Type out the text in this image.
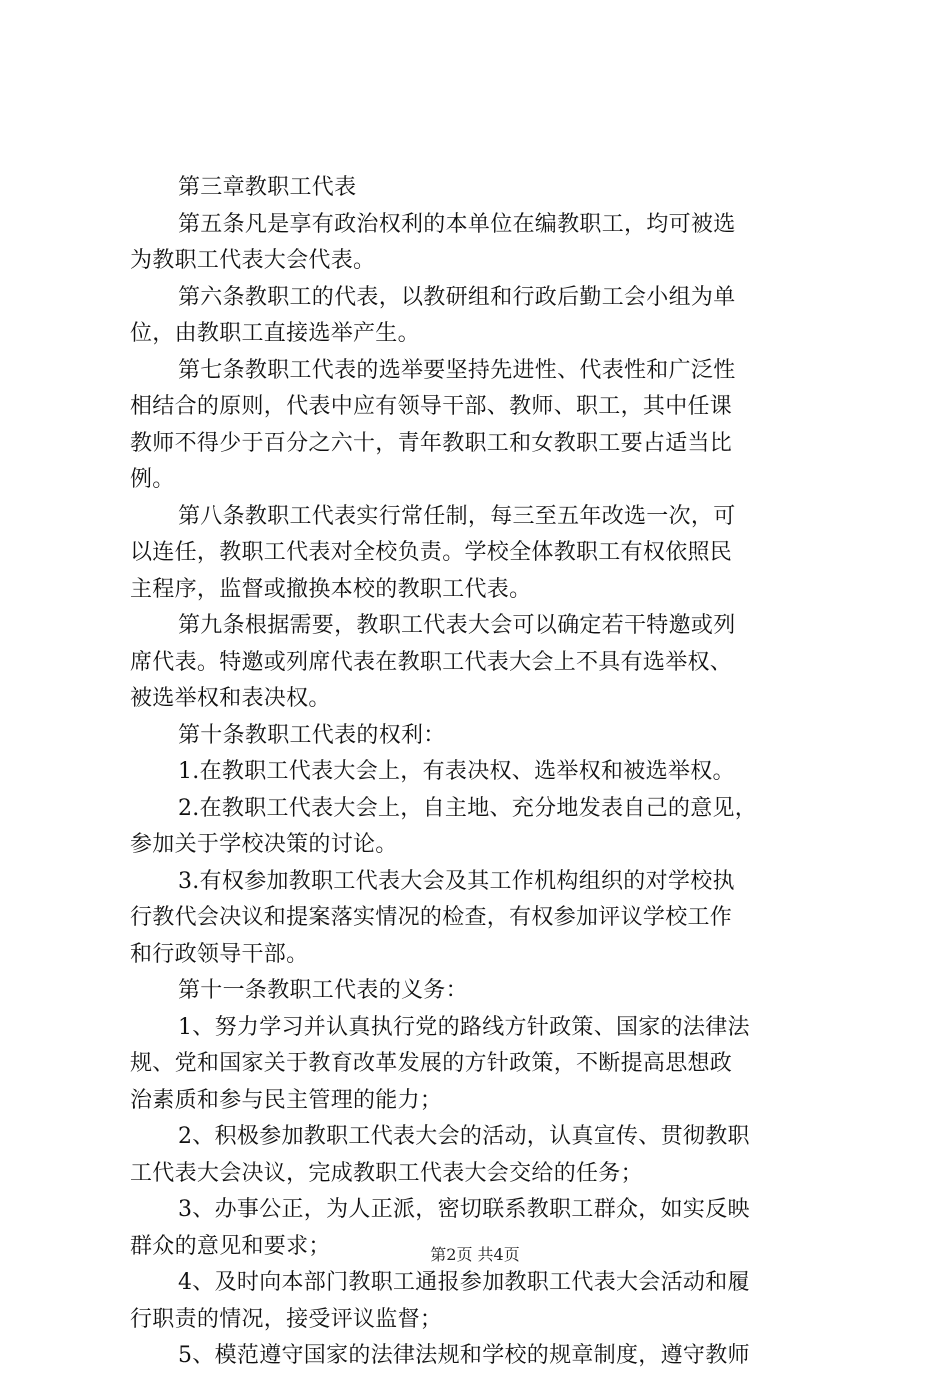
第三章教职工代表
第五条凡是享有政治权利的本单位在编教职工，均可被选
为教职工代表大会代表。
第六条教职工的代表，以教研组和行政后勤工会小组为单
位，由教职工直接选举产生。
第七条教职工代表的选举要坚持先进性、代表性和广泛性
相结合的原则，代表中应有领导干部、教师、职工，其中任课
教师不得少于百分之六十，青年教职工和女教职工要占适当比
例。
第八条教职工代表实行常任制，每三至五年改选一次，可
以连任，教职工代表对全校负责。学校全体教职工有权依照民
主程序，监督或撤换本校的教职工代表。
第九条根据需要，教职工代表大会可以确定若干特邀或列
席代表。特邀或列席代表在教职工代表大会上不具有选举权、
被选举权和表决权。
第十条教职工代表的权利：
1.在教职工代表大会上，有表决权、选举权和被选举权。
2.在教职工代表大会上，自主地、充分地发表自己的意见，
参加关于学校决策的讨论。
3.有权参加教职工代表大会及其工作机构组织的对学校执
行教代会决议和提案落实情况的检查，有权参加评议学校工作
和行政领导干部。
第十一条教职工代表的义务：
1、努力学习并认真执行党的路线方针政策、国家的法律法
规、党和国家关于教育改革发展的方针政策，不断提高思想政
治素质和参与民主管理的能力；
2、积极参加教职工代表大会的活动，认真宣传、贯彻教职
工代表大会决议，完成教职工代表大会交给的任务；
3、办事公正，为人正派，密切联系教职工群众，如实反映
群众的意见和要求；
4、及时向本部门教职工通报参加教职工代表大会活动和履
行职责的情况，接受评议监督；
5、模范遵守国家的法律法规和学校的规章制度，遵守教师
第2页 共4页
